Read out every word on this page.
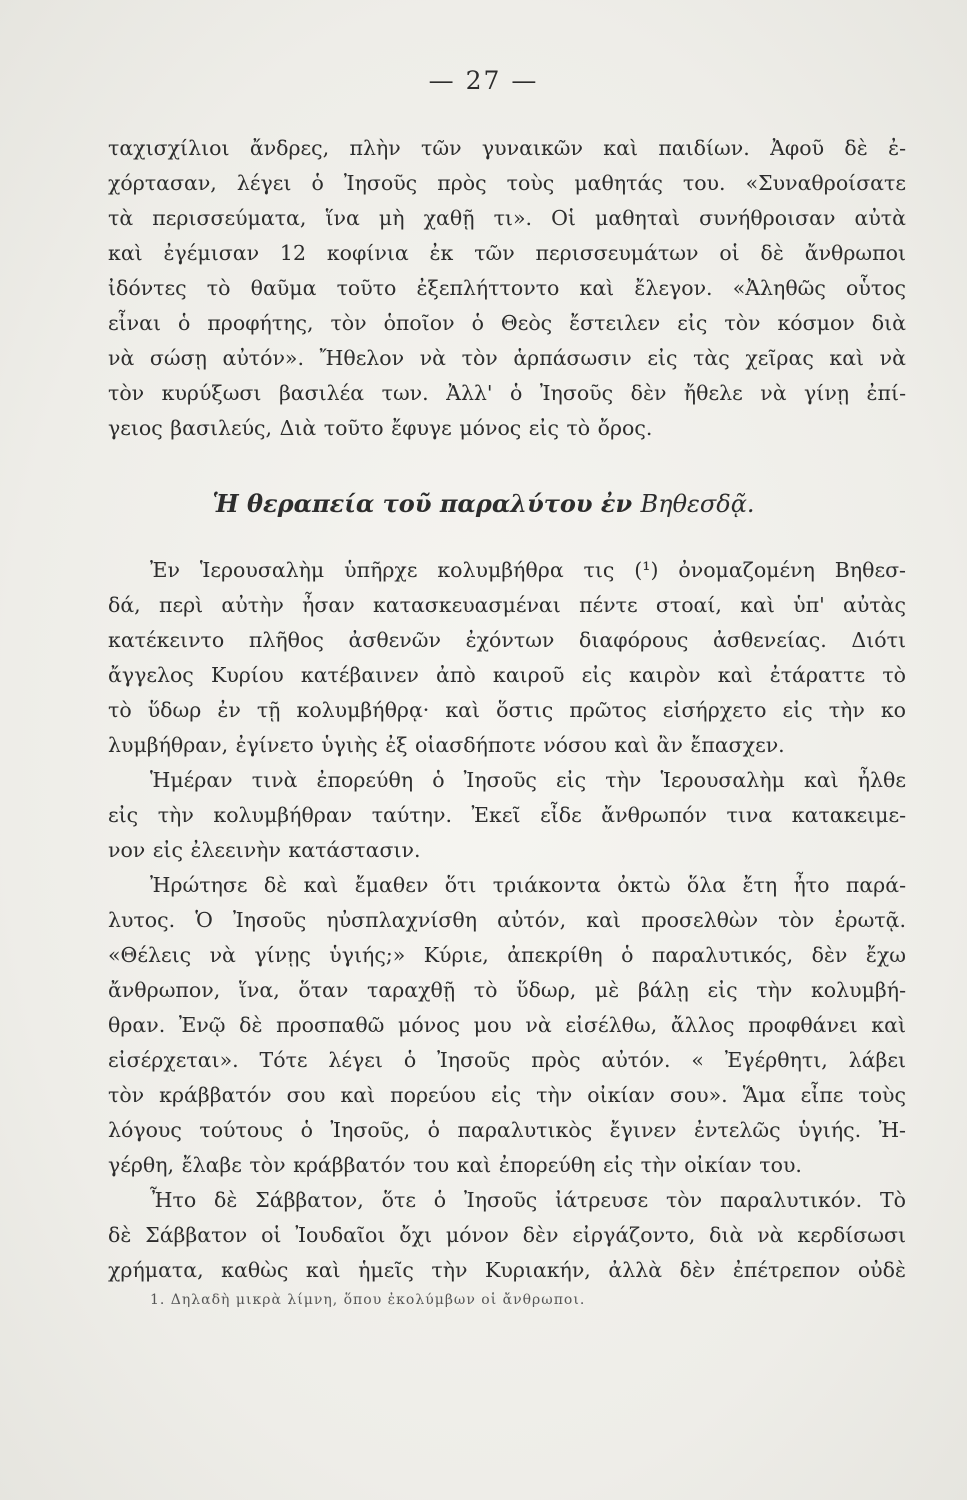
— 27 —
ταχισχίλιοι ἄνδρες, πλὴν τῶν γυναικῶν καὶ παιδίων. Ἀφοῦ δὲ ἐ-
χόρτασαν, λέγει ὁ Ἰησοῦς πρὸς τοὺς μαθητάς του. «Συναθροίσατε
τὰ περισσεύματα, ἵνα μὴ χαθῇ τι». Οἱ μαθηταὶ συνήθροισαν αὐτὰ
καὶ ἐγέμισαν 12 κοφίνια ἐκ τῶν περισσευμάτων οἱ δὲ ἄνθρωποι
ἰδόντες τὸ θαῦμα τοῦτο ἐξεπλήττοντο καὶ ἔλεγον. «Ἀληθῶς οὗτος
εἶναι ὁ προφήτης, τὸν ὁποῖον ὁ Θεὸς ἔστειλεν εἰς τὸν κόσμον διὰ
νὰ σώσῃ αὐτόν». Ἤθελον νὰ τὸν ἁρπάσωσιν εἰς τὰς χεῖρας καὶ νὰ
τὸν κυρύξωσι βασιλέα των. Ἀλλ' ὁ Ἰησοῦς δὲν ἤθελε νὰ γίνῃ ἐπί-
γειος βασιλεύς, Διὰ τοῦτο ἔφυγε μόνος εἰς τὸ ὄρος.
Ἡ θεραπεία τοῦ παραλύτου ἐν Βηθεσδᾷ.
Ἐν Ἱερουσαλὴμ ὑπῆρχε κολυμβήθρα τις (¹) ὀνομαζομένη Βηθεσ-
δά, περὶ αὐτὴν ἦσαν κατασκευασμέναι πέντε στοαί, καὶ ὑπ' αὐτὰς
κατέκειντο πλῆθος ἀσθενῶν ἐχόντων διαφόρους ἀσθενείας. Διότι
ἄγγελος Κυρίου κατέβαινεν ἀπὸ καιροῦ εἰς καιρὸν καὶ ἐτάραττε τὸ
τὸ ὕδωρ ἐν τῇ κολυμβήθρᾳ· καὶ ὅστις πρῶτος εἰσήρχετο εἰς τὴν κο
λυμβήθραν, ἐγίνετο ὑγιὴς ἐξ οἱασδήποτε νόσου καὶ ἂν ἔπασχεν.
Ἡμέραν τινὰ ἐπορεύθη ὁ Ἰησοῦς εἰς τὴν Ἱερουσαλὴμ καὶ ἦλθε
εἰς τὴν κολυμβήθραν ταύτην. Ἐκεῖ εἶδε ἄνθρωπόν τινα κατακειμε-
νον εἰς ἐλεεινὴν κατάστασιν.
Ἠρώτησε δὲ καὶ ἔμαθεν ὅτι τριάκοντα ὀκτὼ ὅλα ἔτη ἦτο παρά-
λυτος. Ὁ Ἰησοῦς ηὐσπλαχνίσθη αὐτόν, καὶ προσελθὼν τὸν ἐρωτᾷ.
«Θέλεις νὰ γίνῃς ὑγιής;» Κύριε, ἀπεκρίθη ὁ παραλυτικός, δὲν ἔχω
ἄνθρωπον, ἵνα, ὅταν ταραχθῇ τὸ ὕδωρ, μὲ βάλῃ εἰς τὴν κολυμβή-
θραν. Ἐνῷ δὲ προσπαθῶ μόνος μου νὰ εἰσέλθω, ἄλλος προφθάνει καὶ
εἰσέρχεται». Τότε λέγει ὁ Ἰησοῦς πρὸς αὐτόν. « Ἐγέρθητι, λάβει
τὸν κράββατόν σου καὶ πορεύου εἰς τὴν οἰκίαν σου». Ἅμα εἶπε τοὺς
λόγους τούτους ὁ Ἰησοῦς, ὁ παραλυτικὸς ἔγινεν ἐντελῶς ὑγιής. Ἠ-
γέρθη, ἔλαβε τὸν κράββατόν του καὶ ἐπορεύθη εἰς τὴν οἰκίαν του.
Ἦτο δὲ Σάββατον, ὅτε ὁ Ἰησοῦς ἰάτρευσε τὸν παραλυτικόν. Τὸ
δὲ Σάββατον οἱ Ἰουδαῖοι ὄχι μόνον δὲν εἰργάζοντο, διὰ νὰ κερδίσωσι
χρήματα, καθὼς καὶ ἡμεῖς τὴν Κυριακήν, ἀλλὰ δὲν ἐπέτρεπον οὐδὲ
1. Δηλαδὴ μικρὰ λίμνη, ὅπου ἐκολύμβων οἱ ἄνθρωποι.
